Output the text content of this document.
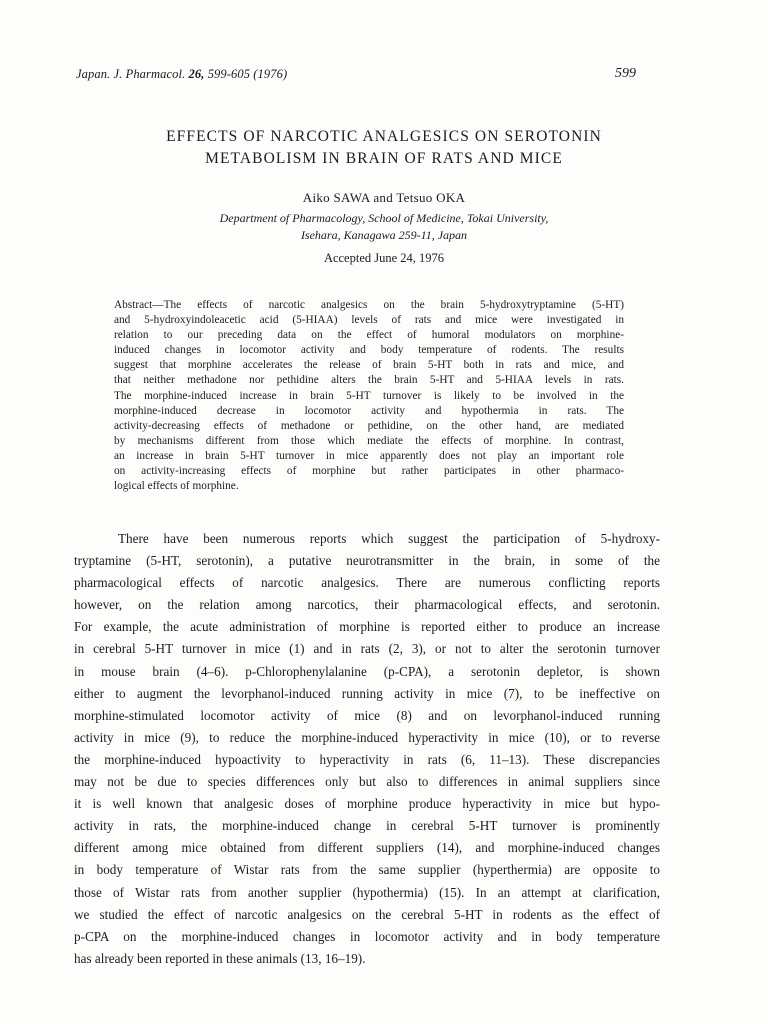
Japan. J. Pharmacol. 26, 599-605 (1976)	599
EFFECTS OF NARCOTIC ANALGESICS ON SEROTONIN
METABOLISM IN BRAIN OF RATS AND MICE
Aiko SAWA and Tetsuo OKA
Department of Pharmacology, School of Medicine, Tokai University,
Isehara, Kanagawa 259-11, Japan
Accepted June 24, 1976
Abstract—The effects of narcotic analgesics on the brain 5-hydroxytryptamine (5-HT)
and 5-hydroxyindoleacetic acid (5-HIAA) levels of rats and mice were investigated in
relation to our preceding data on the effect of humoral modulators on morphine-
induced changes in locomotor activity and body temperature of rodents. The results
suggest that morphine accelerates the release of brain 5-HT both in rats and mice, and
that neither methadone nor pethidine alters the brain 5-HT and 5-HIAA levels in rats.
The morphine-induced increase in brain 5-HT turnover is likely to be involved in the
morphine-induced decrease in locomotor activity and hypothermia in rats. The
activity-decreasing effects of methadone or pethidine, on the other hand, are mediated
by mechanisms different from those which mediate the effects of morphine. In contrast,
an increase in brain 5-HT turnover in mice apparently does not play an important role
on activity-increasing effects of morphine but rather participates in other pharmaco-
logical effects of morphine.
There have been numerous reports which suggest the participation of 5-hydroxy-
tryptamine (5-HT, serotonin), a putative neurotransmitter in the brain, in some of the
pharmacological effects of narcotic analgesics. There are numerous conflicting reports
however, on the relation among narcotics, their pharmacological effects, and serotonin.
For example, the acute administration of morphine is reported either to produce an increase
in cerebral 5-HT turnover in mice (1) and in rats (2, 3), or not to alter the serotonin turnover
in mouse brain (4–6). p-Chlorophenylalanine (p-CPA), a serotonin depletor, is shown
either to augment the levorphanol-induced running activity in mice (7), to be ineffective on
morphine-stimulated locomotor activity of mice (8) and on levorphanol-induced running
activity in mice (9), to reduce the morphine-induced hyperactivity in mice (10), or to reverse
the morphine-induced hypoactivity to hyperactivity in rats (6, 11–13). These discrepancies
may not be due to species differences only but also to differences in animal suppliers since
it is well known that analgesic doses of morphine produce hyperactivity in mice but hypo-
activity in rats, the morphine-induced change in cerebral 5-HT turnover is prominently
different among mice obtained from different suppliers (14), and morphine-induced changes
in body temperature of Wistar rats from the same supplier (hyperthermia) are opposite to
those of Wistar rats from another supplier (hypothermia) (15). In an attempt at clarification,
we studied the effect of narcotic analgesics on the cerebral 5-HT in rodents as the effect of
p-CPA on the morphine-induced changes in locomotor activity and in body temperature
has already been reported in these animals (13, 16–19).
